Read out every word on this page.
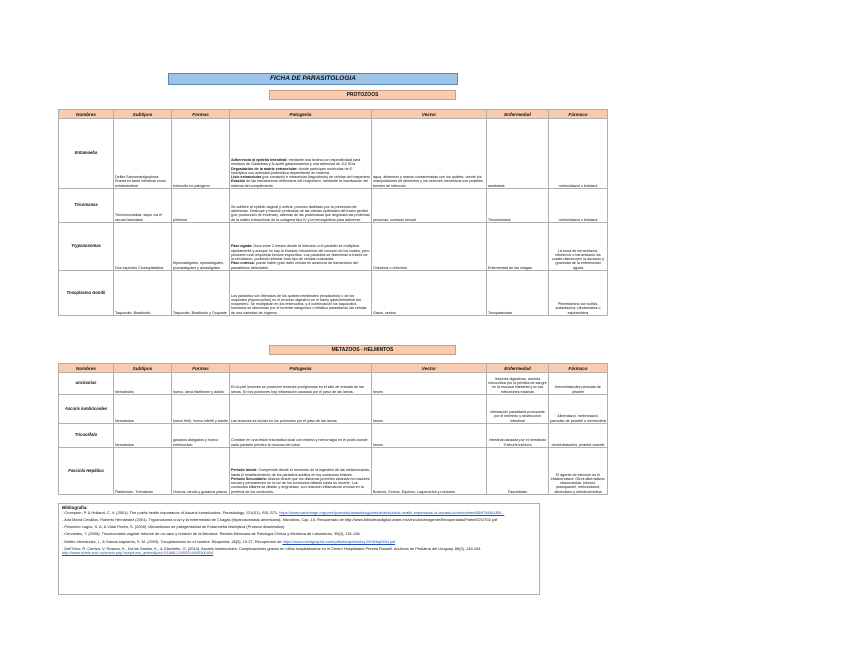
FICHA DE PARASITOLOGIA
PROTOZOOS
Nombres	Subtipos	Formas	Patogenia	Vector	Enfermedad	Fármaco
Entamoeba	Dellito Sarcomastigophora. Rueda en tanto intestinal como extraintestinal	trofozoito no patógeno	Adherencia al epitelio intestinal: mediante una lectina con especificidad para residuos de Galactosa y N-acetil galactosamina y una adhesina de 112 KDa
Degradación de la matriz extracelular: donde participan moléculas de E. histolytica con actividad proteolítica dependiente de cisteína.
Lisis extracelular (por contacto) e intracelular (fagocitosis) de células del hospedero
Evasión de las mecanismos defensivos del hospedero, mediante la inactivación del sistema del complemento.	agua, alimentos y manos contaminadas con los quistes, donde los manipuladores de alimentos y los vectores mecánicos son posibles fuentes de infección	amebiasis	metronidazol o tinidazol
Tricomonas	Trichomonadida. sique vía el sexual transitado	piriforme	Se adhiere al epitelio vaginal y uretral, proceso facilitado por la presencia del adhesinas. Destruye y fracción proteasas de las células epiteliales del tracto genital (por producción de enzimas), ademas de las proteinasas que degradan las proteínas de la matriz extracelular de la colágena tipo IV y la hemoglobina para adherirse.	personas, contacto sexual	Tricomoniasis	metronidazol o tinidazol
Trypanosomas	Dos especies Cinetoplástidos	tripomastigotes, epimastigotes, promastigotes y amastigotes	Fase aguda: Dura entre 2 meses desde la infección a el parásito se multiplica rápidamente y aunque no hay la invasión intracelular del corazón de los cuales, pero producen una respuesta inmune específica. Los parásitos se diseminan a través de la circulación, pudiendo infectar todo tipo de células nucleadas.
Fase crónica: puede haber gran daño celular en ausencia de transmisión del parasitismo detectable.	Chinches o chinches	Enfermedad de las chagas	La toma de benznidazol, nifurtimox o benznidazol los cuales disminuyen la duración y gravedad de la enfermedad aguda
Toxoplasma Gondii	Taquizoito. Bradizoito.	Taquizoito. Bradizoito y Ooquiste	Los parásitos son liberados de los quistes intestinales (bradizoitos) o de los ooquistes (esporozoitos) en el proceso digestivo en el tracto gastrointestinal del hospedero. Se multiplican en los enterocitos, y a continuación los taquizoitos formados se diseminan por el torrente sanguíneo o linfático parasitando las células de una variedad de órganos	Gatos, cerdos	Toxoplasmosis	Pirimetamina con sulfas, sulfadiazina, clindamicina o espiramicina
METAZOOS - HELMINTOS
Nombres	Subtipos	Formas	Patogenia	Vector	Enfermedad	Fármaco
uncinarias	Nematodos	huevo, larva filariforme y adulto	En la piel lesiones se producen lesiones pruriginosas en el sitio de entrada de las larvas. En los pulmones hay inflamación causada por el paso de las larvas.	heces	lesiones digestivas, anemia microcítica por la pérdida de sangre en la mucosa intestinal y en las infecciones masivas	benzimidazoles pamoato de pirantel
Ascaris lumbricoides	Nematodos	huevo fértil, huevo infértil y adulto	Las lesiones se inician en los pulmones por el paso de las larvas	heces	infestación parasitaria provocada por el helminto y obstrucción intestinal	Albendazol, mebendazol, pamoato de pirantel o ivermectina
Tricocéfalo	Nematodos	gusanos alargados y huevo embrionado	Consiste en una lesión traumática local con edema y hemorragia en el punto donde cada parásito penetra la mucosa del colon	heces	intestinal causada por el nematodo Trichuris trichiura	benzimidazoles, pirantel-oxantel
Fasciola Hepática	Platelminto. Trematodo	Huevos, larvas y gusanos planos	Período Inicial: Comprende desde el momento de la ingestión de las metacercarias, hasta el establecimiento de los parásitos adultos en los conductos biliares.
Período Secundario: Abarca desde que los distomas juveniles alcanzan la madurez sexual y permanecen en la luz de los conductos biliares hasta su muerte. Los conductos biliares se dilatan y engruesan, con reacción inflamatoria crónica en la periferia de los conductos.	Bovinos, Ovinos, Equinos, Lagomorfos y roedores	Fascioliasis	El agente de elección es el triclabendazol. Otros alternativos: nitazoxanida, bitionol, praziquantel, metronidazol, albendazol y dehidroemetina
Bibliografía:

- Crompton, P. & Holland, C. V. (2001). The public health importance of Ascaris lumbricoides. Parasitology, 121(S1), S51-S71. https://www.cambridge.org/core/journals/parasitology/article/abs/public-health-importance-of-ascaris-lumbricoides/6B0F545A1BB...

- Ana María Cevallos, Roberto Hernández (2001). Trypanosoma cruzi y la enfermedad de Chagas (tripanosomiasis americana). Microbios, Cap. 15. Recuperado de http://www.bibliotecadigital.unam.mx/vinculos/ImagenesRecuperadas/ParteIII/21/T02.pdf

- Pelomino Lagos, S. A. & Vidal Flores, S. (2008). Mecanismos de patogenicidad de Entamoeba histolytica (Protocol dissertation).

- Cervantes, T. (2008). Tricomoniasis vaginal: informe de un caso y revisión de la literatura. Revista Mexicana de Patología Clínica y Medicina de Laboratorio, 55(3), 151-156.

- Martín-Hernández, I., & García-Izquierdo, S. M. (2003). Toxoplasmosis en el hombre. Bioquímia, 28(3), 19-27. Recuperado de https://www.medigraphic.com/pdfs/bioquimia/bq-2003/bq033d.pdf

- Dell'Orco, R. Carrizo, V. Rosano, K., Da los Santos, K., & Giachetto, G. (2014). Ascaris lumbricoides: Complicaciones graves en niños hospitalizados en el Centro Hospitalario Pereira Rossell. Archivos de Pediatría del Uruguay, 85(3), 149-154. http://www.scielo.edu.uy/scielo.php?script=sci_arttext&pid=S1688-12492014000300004
